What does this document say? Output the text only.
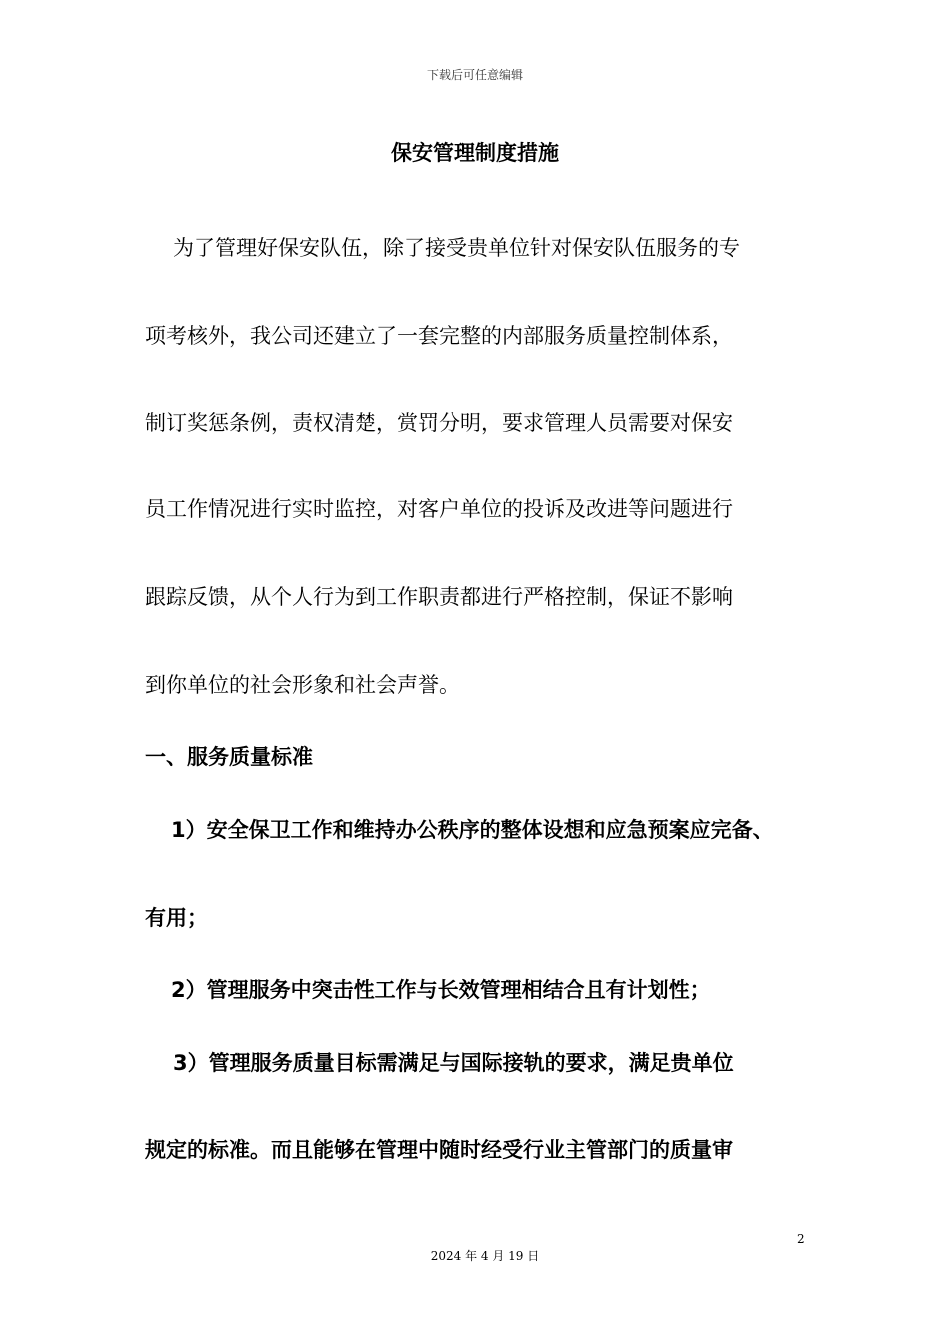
下载后可任意编辑
保安管理制度措施
为了管理好保安队伍，除了接受贵单位针对保安队伍服务的专
项考核外，我公司还建立了一套完整的内部服务质量控制体系，
制订奖惩条例，责权清楚，赏罚分明，要求管理人员需要对保安
员工作情况进行实时监控，对客户单位的投诉及改进等问题进行
跟踪反馈，从个人行为到工作职责都进行严格控制，保证不影响
到你单位的社会形象和社会声誉。
一、服务质量标准
1）安全保卫工作和维持办公秩序的整体设想和应急预案应完备、
有用；
2）管理服务中突击性工作与长效管理相结合且有计划性；
3）管理服务质量目标需满足与国际接轨的要求，满足贵单位
规定的标准。而且能够在管理中随时经受行业主管部门的质量审
2
2024 年 4 月 19 日
